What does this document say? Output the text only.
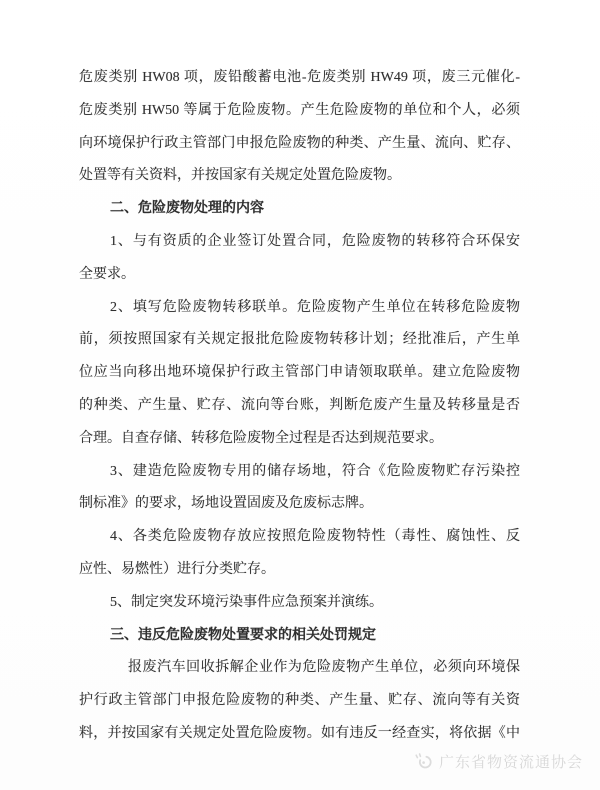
危废类别 HW08 项，废铅酸蓄电池-危废类别 HW49 项，废三元催化-
危废类别 HW50 等属于危险废物。产生危险废物的单位和个人，必须
向环境保护行政主管部门申报危险废物的种类、产生量、流向、贮存、
处置等有关资料，并按国家有关规定处置危险废物。
二、危险废物处理的内容
1、与有资质的企业签订处置合同，危险废物的转移符合环保安
全要求。
2、填写危险废物转移联单。危险废物产生单位在转移危险废物
前，须按照国家有关规定报批危险废物转移计划；经批准后，产生单
位应当向移出地环境保护行政主管部门申请领取联单。建立危险废物
的种类、产生量、贮存、流向等台账，判断危废产生量及转移量是否
合理。自查存储、转移危险废物全过程是否达到规范要求。
3、建造危险废物专用的储存场地，符合《危险废物贮存污染控
制标准》的要求，场地设置固废及危废标志牌。
4、各类危险废物存放应按照危险废物特性（毒性、腐蚀性、反
应性、易燃性）进行分类贮存。
5、制定突发环境污染事件应急预案并演练。
三、违反危险废物处置要求的相关处罚规定
报废汽车回收拆解企业作为危险废物产生单位，必须向环境保
护行政主管部门申报危险废物的种类、产生量、贮存、流向等有关资
料，并按国家有关规定处置危险废物。如有违反一经查实，将依据《中
广东省物资流通协会
